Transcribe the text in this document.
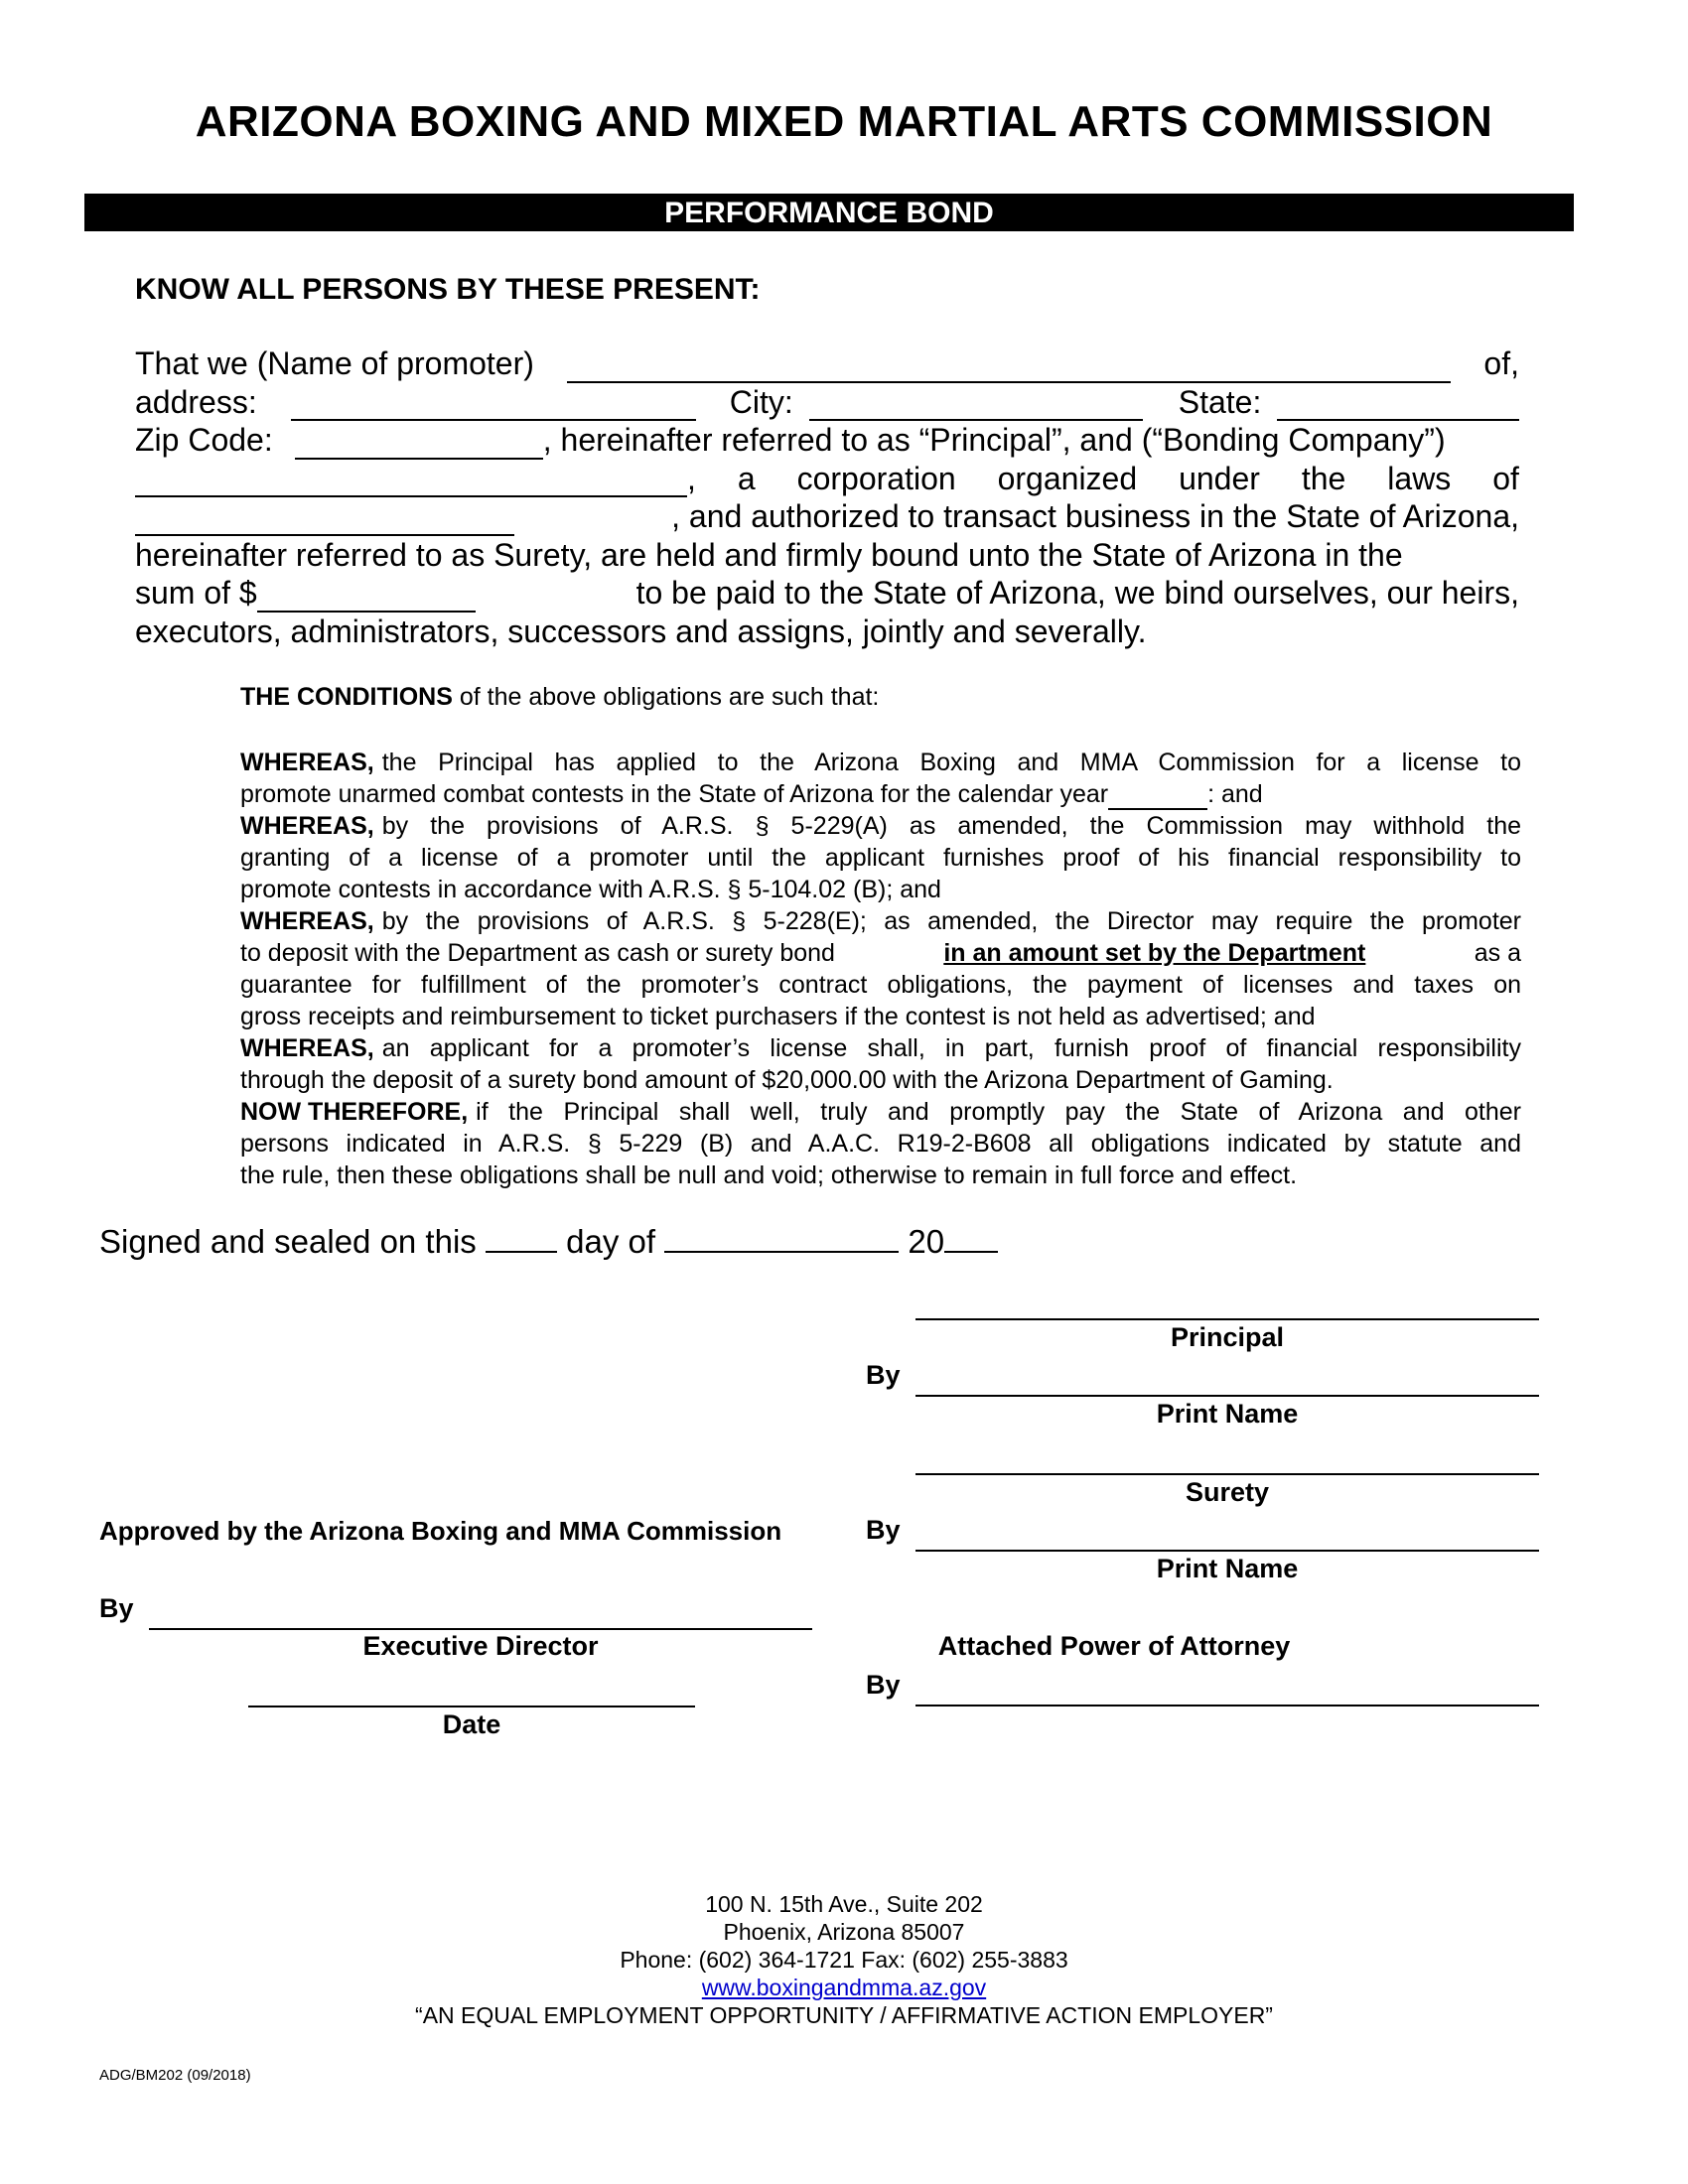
ARIZONA BOXING AND MIXED MARTIAL ARTS COMMISSION
PERFORMANCE BOND
KNOW ALL PERSONS BY THESE PRESENT:
That we (Name of promoter)	of,
address:	City:	State:
Zip Code:	, hereinafter referred to as “Principal”, and (“Bonding Company”)
, a corporation organized under the laws of
, and authorized to transact business in the State of Arizona,
hereinafter referred to as Surety, are held and firmly bound unto the State of Arizona in the
sum of $	to be paid to the State of Arizona, we bind ourselves, our heirs,
executors, administrators, successors and assigns, jointly and severally.
THE CONDITIONS of the above obligations are such that:
WHEREAS, the Principal has applied to the Arizona Boxing and MMA Commission for a license to
promote unarmed combat contests in the State of Arizona for the calendar year	: and
WHEREAS, by the provisions of A.R.S. § 5-229(A) as amended, the Commission may withhold the
granting of a license of a promoter until the applicant furnishes proof of his financial responsibility to
promote contests in accordance with A.R.S. § 5-104.02 (B); and
WHEREAS, by the provisions of A.R.S. § 5-228(E); as amended, the Director may require the promoter
to deposit with the Department as cash or surety bond	in an amount set by the Department	as a
guarantee for fulfillment of the promoter’s contract obligations, the payment of licenses and taxes on
gross receipts and reimbursement to ticket purchasers if the contest is not held as advertised; and
WHEREAS, an applicant for a promoter’s license shall, in part, furnish proof of financial responsibility
through the deposit of a surety bond amount of $20,000.00 with the Arizona Department of Gaming.
NOW THEREFORE, if the Principal shall well, truly and promptly pay the State of Arizona and other
persons indicated in A.R.S. § 5-229 (B) and A.A.C. R19-2-B608 all obligations indicated by statute and
the rule, then these obligations shall be null and void; otherwise to remain in full force and effect.
Signed and sealed on this	day of	20
Principal
By
Print Name
Surety
By
Print Name
Attached Power of Attorney
By
Approved by the Arizona Boxing and MMA Commission
By
Executive Director
Date
100 N. 15th Ave., Suite 202
Phoenix, Arizona 85007
Phone: (602) 364-1721 Fax: (602) 255-3883
www.boxingandmma.az.gov
“AN EQUAL EMPLOYMENT OPPORTUNITY / AFFIRMATIVE ACTION EMPLOYER”
ADG/BM202 (09/2018)
